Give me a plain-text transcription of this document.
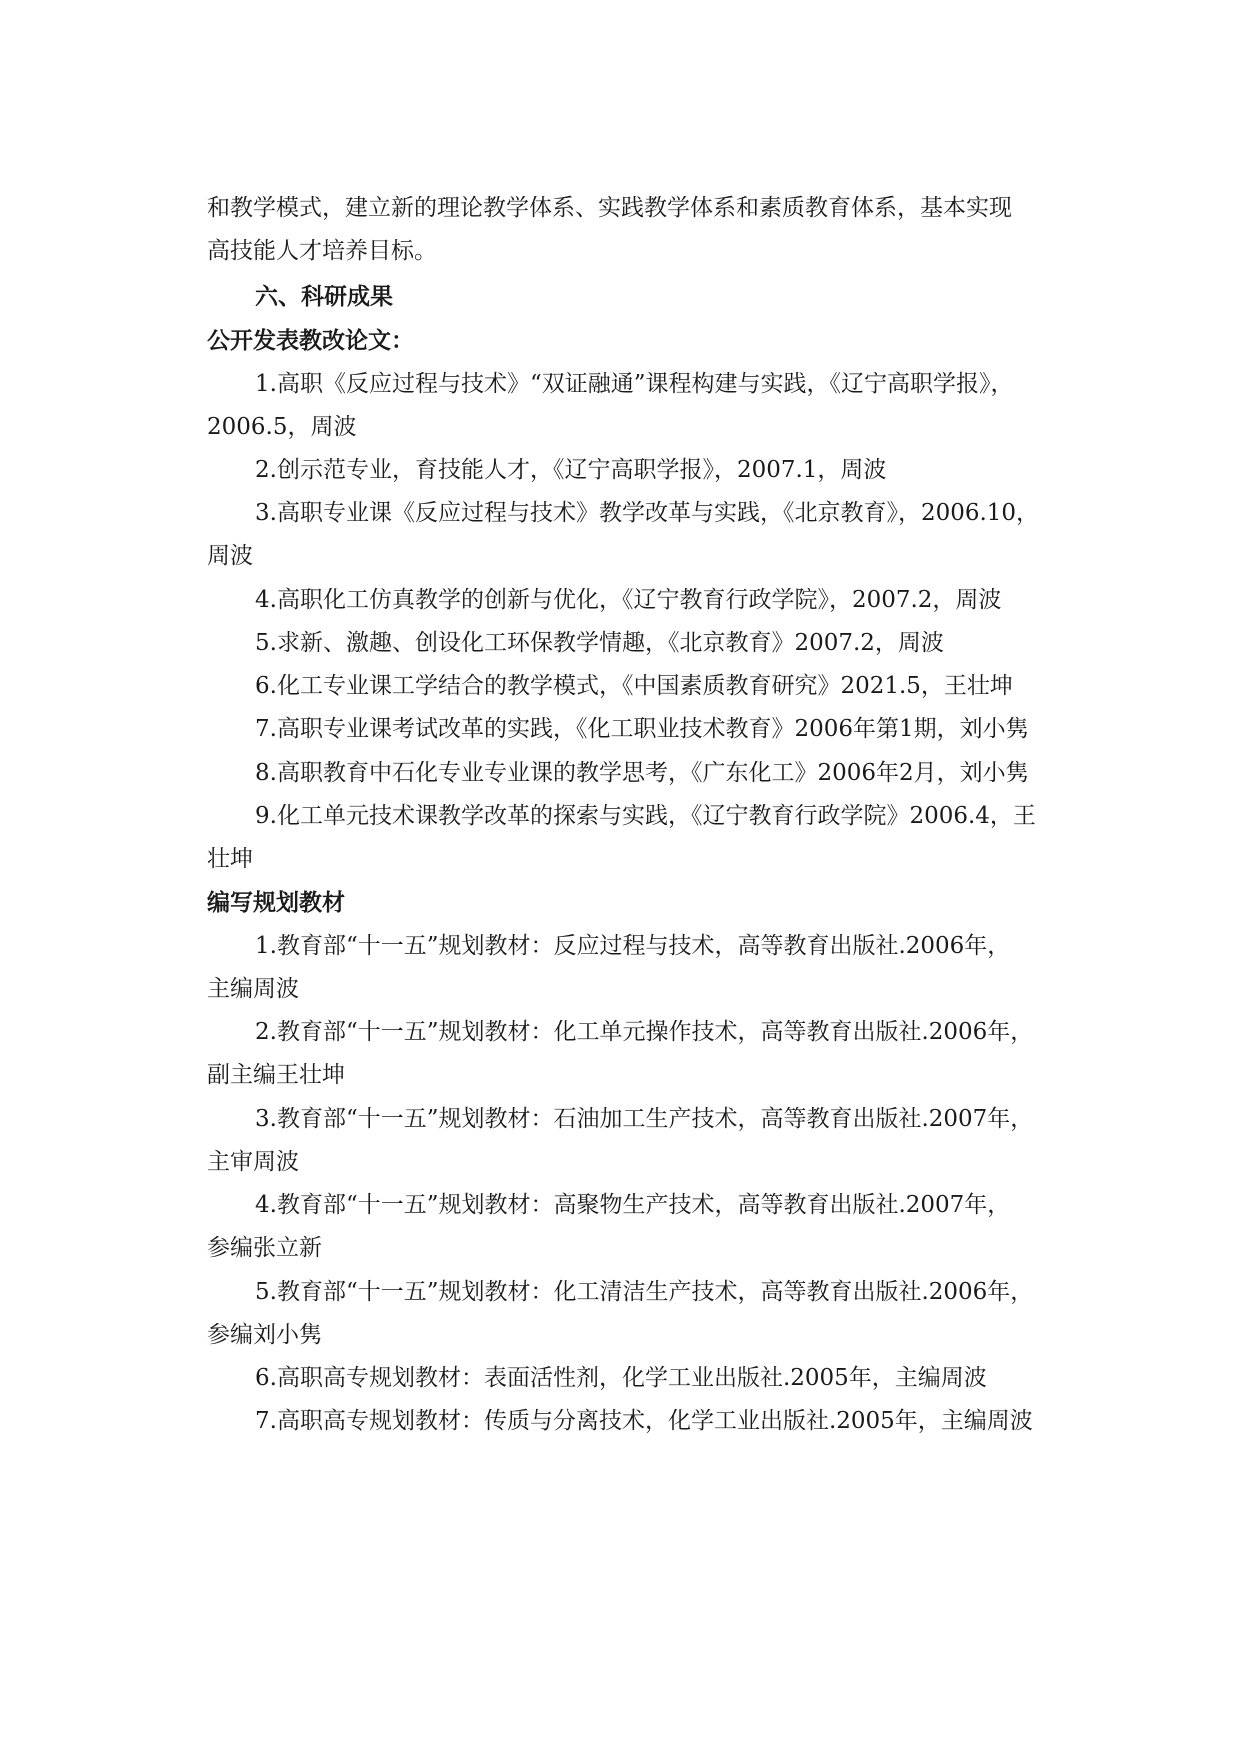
和教学模式，建立新的理论教学体系、实践教学体系和素质教育体系，基本实现
高技能人才培养目标。
六、科研成果
公开发表教改论文：
1.高职《反应过程与技术》“双证融通”课程构建与实践，《辽宁高职学报》，
2006.5，周波
2.创示范专业，育技能人才，《辽宁高职学报》，2007.1，周波
3.高职专业课《反应过程与技术》教学改革与实践，《北京教育》，2006.10，
周波
4.高职化工仿真教学的创新与优化，《辽宁教育行政学院》，2007.2，周波
5.求新、激趣、创设化工环保教学情趣，《北京教育》2007.2，周波
6.化工专业课工学结合的教学模式，《中国素质教育研究》2021.5，王壮坤
7.高职专业课考试改革的实践，《化工职业技术教育》2006年第1期，刘小隽
8.高职教育中石化专业专业课的教学思考，《广东化工》2006年2月，刘小隽
9.化工单元技术课教学改革的探索与实践，《辽宁教育行政学院》2006.4，王
壮坤
编写规划教材
1.教育部“十一五”规划教材：反应过程与技术，高等教育出版社.2006年，
主编周波
2.教育部“十一五”规划教材：化工单元操作技术，高等教育出版社.2006年，
副主编王壮坤
3.教育部“十一五”规划教材：石油加工生产技术，高等教育出版社.2007年，
主审周波
4.教育部“十一五”规划教材：高聚物生产技术，高等教育出版社.2007年，
参编张立新
5.教育部“十一五”规划教材：化工清洁生产技术，高等教育出版社.2006年，
参编刘小隽
6.高职高专规划教材：表面活性剂，化学工业出版社.2005年，主编周波
7.高职高专规划教材：传质与分离技术，化学工业出版社.2005年，主编周波
